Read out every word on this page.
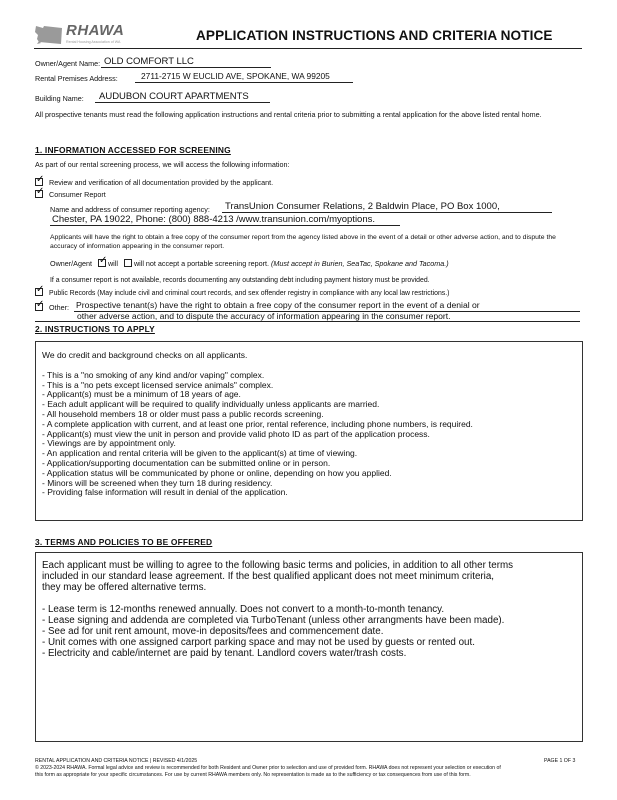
RHAWA
Rental Housing Association of WA	APPLICATION INSTRUCTIONS AND CRITERIA NOTICE
Owner/Agent Name: OLD COMFORT LLC
Rental Premises Address:	2711-2715 W EUCLID AVE, SPOKANE, WA 99205
Building Name:	AUDUBON COURT APARTMENTS
All prospective tenants must read the following application instructions and rental criteria prior to submitting a rental application for the above listed rental home.
1. INFORMATION ACCESSED FOR SCREENING
As part of our rental screening process, we will access the following information:
✓ Review and verification of all documentation provided by the applicant.
✓ Consumer Report
Name and address of consumer reporting agency:	TransUnion Consumer Relations, 2 Baldwin Place, PO Box 1000,
Chester, PA 19022, Phone: (800) 888-4213 /www.transunion.com/myoptions.
Applicants will have the right to obtain a free copy of the consumer report from the agency listed above in the event of a detail or other adverse action, and to dispute the accuracy of information appearing in the consumer report.
Owner/Agent ✓ will will not accept a portable screening report. (Must accept in Burien, SeaTac, Spokane and Tacoma.)
If a consumer report is not available, records documenting any outstanding debt including payment history must be provided.
✓ Public Records (May include civil and criminal court records, and sex offender registry in compliance with any local law restrictions.)
✓ Other: Prospective tenant(s) have the right to obtain a free copy of the consumer report in the event of a denial or
other adverse action, and to dispute the accuracy of information appearing in the consumer report.
2. INSTRUCTIONS TO APPLY
We do credit and background checks on all applicants.
- This is a "no smoking of any kind and/or vaping" complex.
- This is a "no pets except licensed service animals" complex.
- Applicant(s) must be a minimum of 18 years of age.
- Each adult applicant will be required to qualify individually unless applicants are married.
- All household members 18 or older must pass a public records screening.
- A complete application with current, and at least one prior, rental reference, including phone numbers, is required.
- Applicant(s) must view the unit in person and provide valid photo ID as part of the application process.
- Viewings are by appointment only.
- An application and rental criteria will be given to the applicant(s) at time of viewing.
- Application/supporting documentation can be submitted online or in person.
- Application status will be communicated by phone or online, depending on how you applied.
- Minors will be screened when they turn 18 during residency.
- Providing false information will result in denial of the application.
3. TERMS AND POLICIES TO BE OFFERED
Each applicant must be willing to agree to the following basic terms and policies, in addition to all other terms
included in our standard lease agreement. If the best qualified applicant does not meet minimum criteria,
they may be offered alternative terms.
- Lease term is 12-months renewed annually. Does not convert to a month-to-month tenancy.
- Lease signing and addenda are completed via TurboTenant (unless other arrangments have been made).
- See ad for unit rent amount, move-in deposits/fees and commencement date.
- Unit comes with one assigned carport parking space and may not be used by guests or rented out.
- Electricity and cable/internet are paid by tenant. Landlord covers water/trash costs.
RENTAL APPLICATION AND CRITERIA NOTICE | REVISED 4/1/2025	PAGE 1 OF 3
© 2023-2024 RHAWA. Formal legal advice and review is recommended for both Resident and Owner prior to selection and use of provided form. RHAWA does not represent your selection or execution of
this form as appropriate for your specific circumstances. For use by current RHAWA members only. No representation is made as to the sufficiency or tax consequences from use of this form.
